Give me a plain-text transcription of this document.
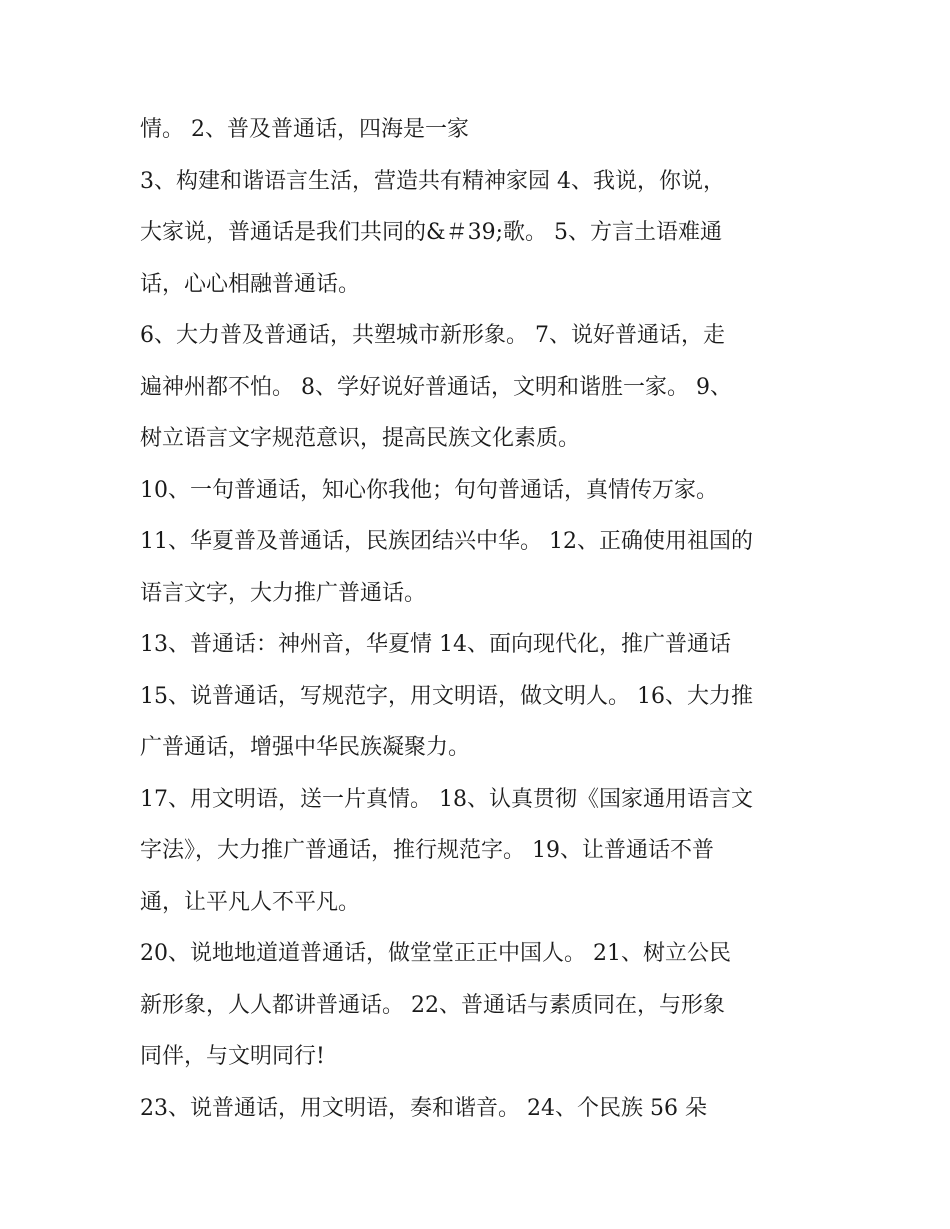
情。 2、普及普通话，四海是一家
3、构建和谐语言生活，营造共有精神家园 4、我说，你说，
大家说，普通话是我们共同的&＃39;歌。 5、方言土语难通
话，心心相融普通话。
6、大力普及普通话，共塑城市新形象。 7、说好普通话，走
遍神州都不怕。 8、学好说好普通话，文明和谐胜一家。 9、
树立语言文字规范意识，提高民族文化素质。
10、一句普通话，知心你我他；句句普通话，真情传万家。
11、华夏普及普通话，民族团结兴中华。 12、正确使用祖国的
语言文字，大力推广普通话。
13、普通话：神州音，华夏情 14、面向现代化，推广普通话
15、说普通话，写规范字，用文明语，做文明人。 16、大力推
广普通话，增强中华民族凝聚力。
17、用文明语，送一片真情。 18、认真贯彻《国家通用语言文
字法》，大力推广普通话，推行规范字。 19、让普通话不普
通，让平凡人不平凡。
20、说地地道道普通话，做堂堂正正中国人。 21、树立公民
新形象，人人都讲普通话。 22、普通话与素质同在，与形象
同伴，与文明同行!
23、说普通话，用文明语，奏和谐音。 24、个民族 56 朵
